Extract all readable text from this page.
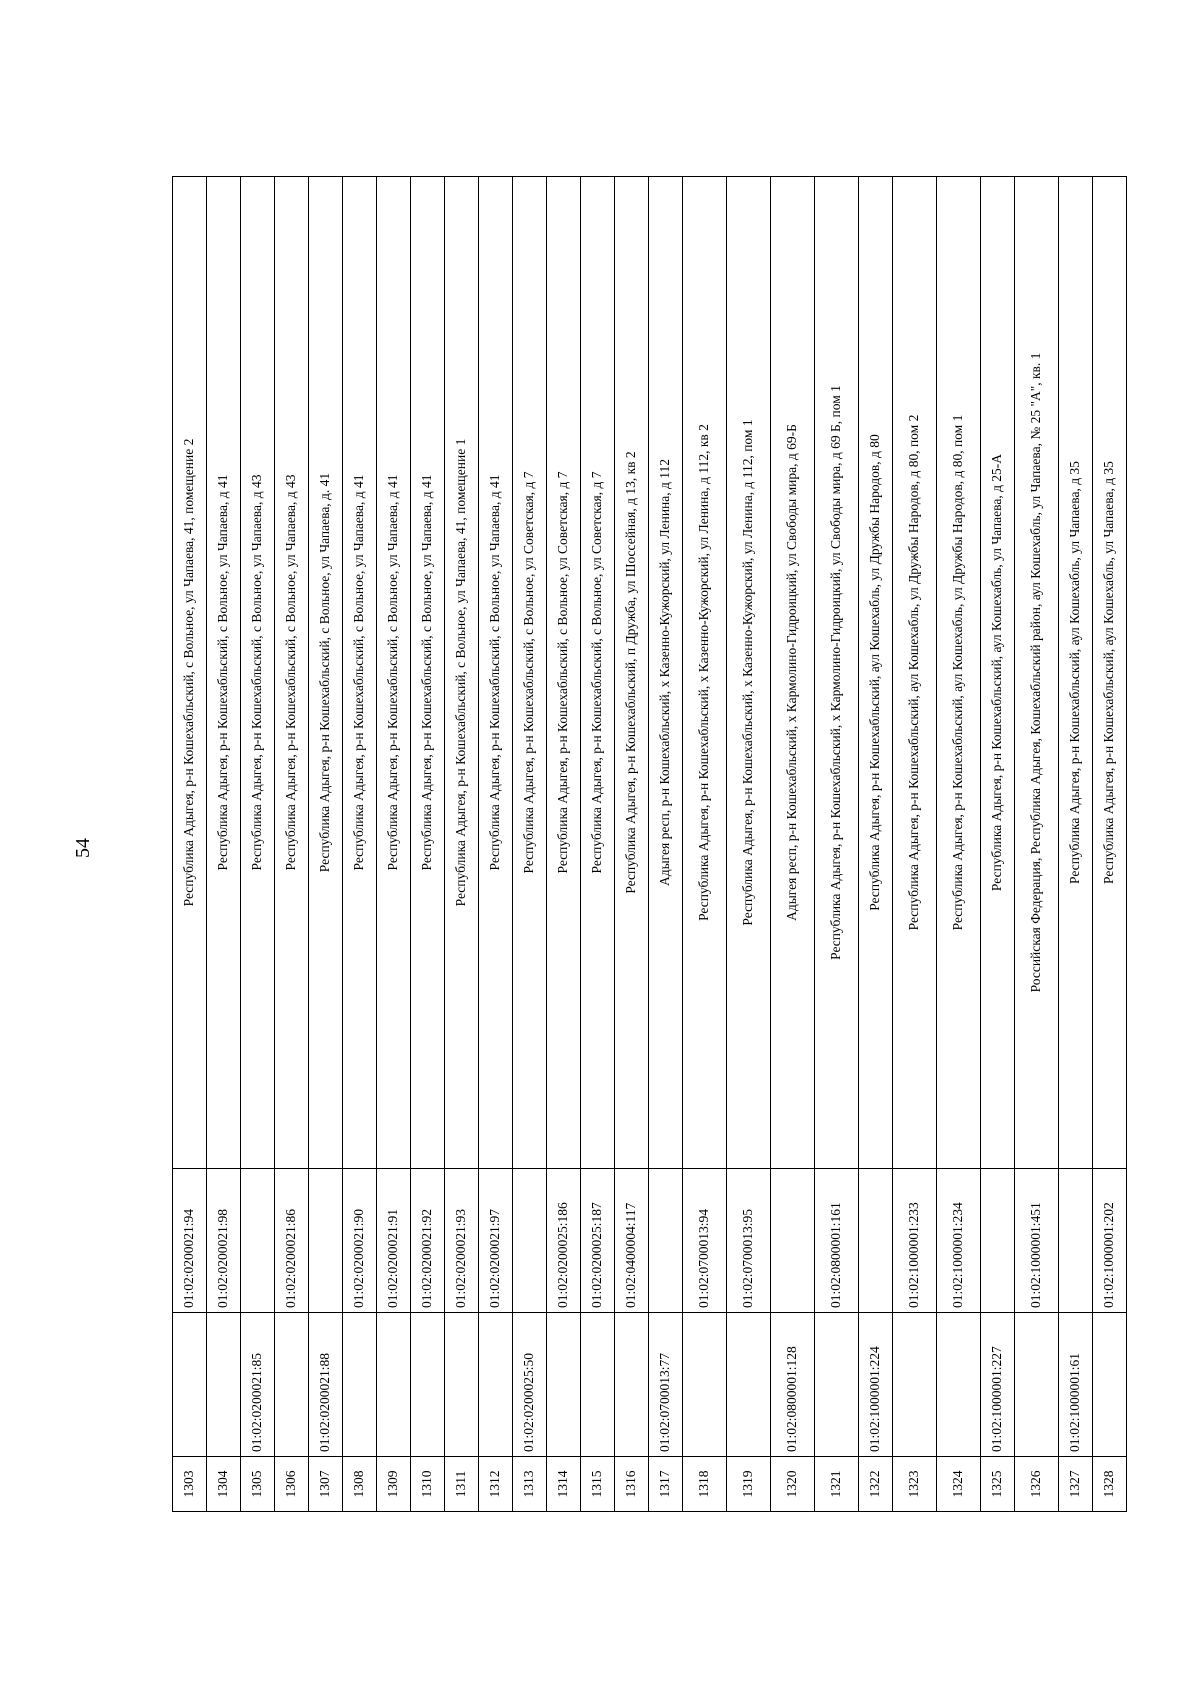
54
1303		01:02:0200021:94	Республика Адыгея, р-н Кошехабльский, с Вольное, ул Чапаева, 41, помещение 2
1304		01:02:0200021:98	Республика Адыгея, р-н Кошехабльский, с Вольное, ул Чапаева, д 41
1305	01:02:0200021:85		Республика Адыгея, р-н Кошехабльский, с Вольное, ул Чапаева, д 43
1306		01:02:0200021:86	Республика Адыгея, р-н Кошехабльский, с Вольное, ул Чапаева, д 43
1307	01:02:0200021:88		Республика Адыгея, р-н Кошехабльский, с Вольное, ул Чапаева, д. 41
1308		01:02:0200021:90	Республика Адыгея, р-н Кошехабльский, с Вольное, ул Чапаева, д 41
1309		01:02:0200021:91	Республика Адыгея, р-н Кошехабльский, с Вольное, ул Чапаева, д 41
1310		01:02:0200021:92	Республика Адыгея, р-н Кошехабльский, с Вольное, ул Чапаева, д 41
1311		01:02:0200021:93	Республика Адыгея, р-н Кошехабльский, с Вольное, ул Чапаева, 41, помещение 1
1312		01:02:0200021:97	Республика Адыгея, р-н Кошехабльский, с Вольное, ул Чапаева, д 41
1313	01:02:0200025:50		Республика Адыгея, р-н Кошехабльский, с Вольное, ул Советская, д 7
1314		01:02:0200025:186	Республика Адыгея, р-н Кошехабльский, с Вольное, ул Советская, д 7
1315		01:02:0200025:187	Республика Адыгея, р-н Кошехабльский, с Вольное, ул Советская, д 7
1316		01:02:0400004:117	Республика Адыгея, р-н Кошехабльский, п Дружба, ул Шоссейная, д 13, кв 2
1317	01:02:0700013:77		Адыгея респ, р-н Кошехабльский, х Казенно-Кужорский, ул Ленина, д 112
1318		01:02:0700013:94	Республика Адыгея, р-н Кошехабльский, х Казенно-Кужорский, ул Ленина, д 112, кв 2
1319		01:02:0700013:95	Республика Адыгея, р-н Кошехабльский, х Казенно-Кужорский, ул Ленина, д 112, пом 1
1320	01:02:0800001:128		Адыгея респ, р-н Кошехабльский, х Кармолино-Гидроицкий, ул Свободы мира, д 69-Б
1321		01:02:0800001:161	Республика Адыгея, р-н Кошехабльский, х Кармолино-Гидроицкий, ул Свободы мира, д 69 Б, пом 1
1322	01:02:1000001:224		Республика Адыгея, р-н Кошехабльский, аул Кошехабль, ул Дружбы Народов, д 80
1323		01:02:1000001:233	Республика Адыгея, р-н Кошехабльский, аул Кошехабль, ул Дружбы Народов, д 80, пом 2
1324		01:02:1000001:234	Республика Адыгея, р-н Кошехабльский, аул Кошехабль, ул Дружбы Народов, д 80, пом 1
1325	01:02:1000001:227		Республика Адыгея, р-н Кошехабльский, аул Кошехабль, ул Чапаева, д 25-А
1326		01:02:1000001:451	Российская Федерация, Республика Адыгея, Кошехабльский район, аул Кошехабль, ул Чапаева, № 25 "А", кв. 1
1327	01:02:1000001:61		Республика Адыгея, р-н Кошехабльский, аул Кошехабль, ул Чапаева, д 35
1328		01:02:1000001:202	Республика Адыгея, р-н Кошехабльский, аул Кошехабль, ул Чапаева, д 35
